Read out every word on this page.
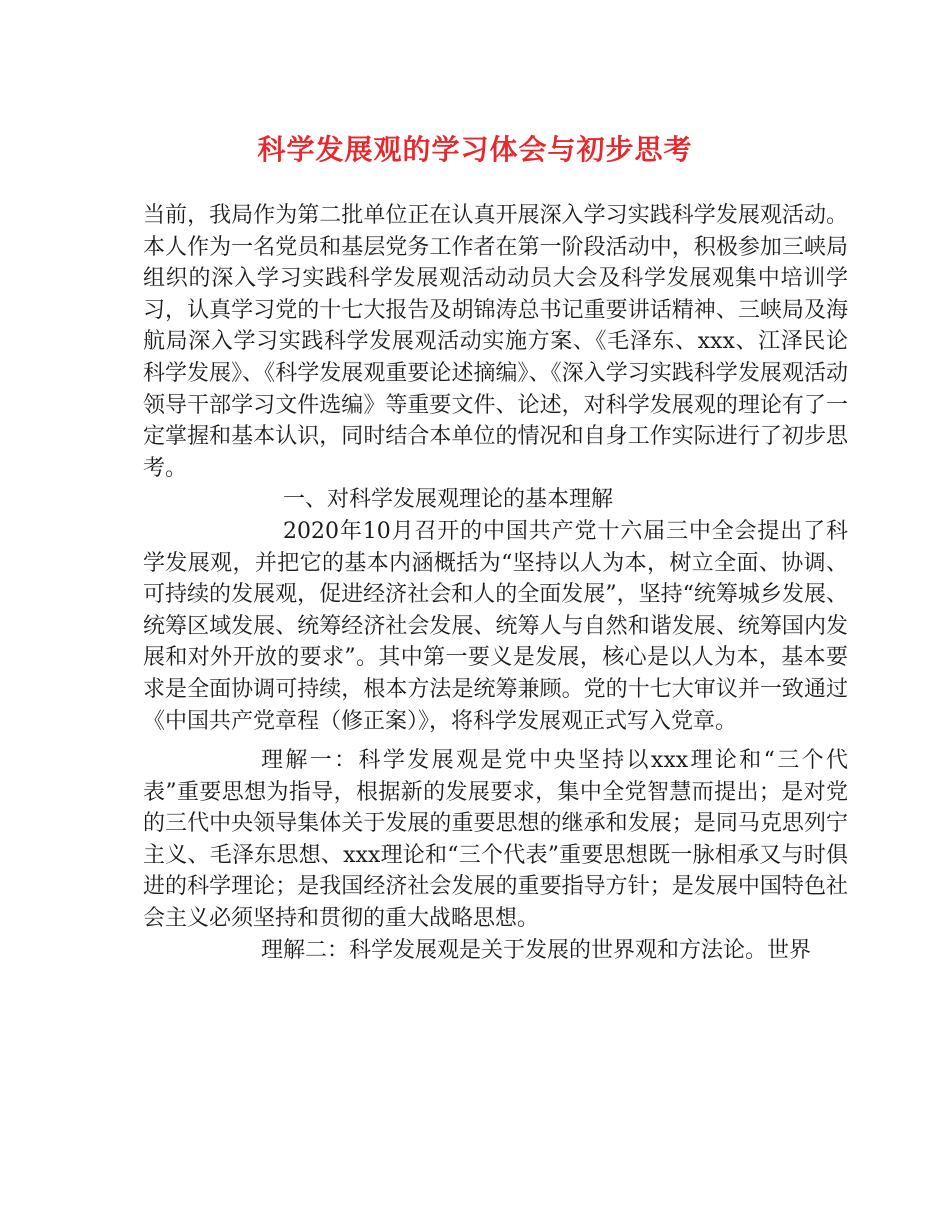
科学发展观的学习体会与初步思考

当前，我局作为第二批单位正在认真开展深入学习实践科学发展观活动。本人作为一名党员和基层党务工作者在第一阶段活动中，积极参加三峡局组织的深入学习实践科学发展观活动动员大会及科学发展观集中培训学习，认真学习党的十七大报告及胡锦涛总书记重要讲话精神、三峡局及海航局深入学习实践科学发展观活动实施方案、《毛泽东、xxx、江泽民论科学发展》、《科学发展观重要论述摘编》、《深入学习实践科学发展观活动领导干部学习文件选编》等重要文件、论述，对科学发展观的理论有了一定掌握和基本认识，同时结合本单位的情况和自身工作实际进行了初步思考。

一、对科学发展观理论的基本理解

2020年10月召开的中国共产党十六届三中全会提出了科学发展观，并把它的基本内涵概括为“坚持以人为本，树立全面、协调、可持续的发展观，促进经济社会和人的全面发展”，坚持“统筹城乡发展、统筹区域发展、统筹经济社会发展、统筹人与自然和谐发展、统筹国内发展和对外开放的要求”。其中第一要义是发展，核心是以人为本，基本要求是全面协调可持续，根本方法是统筹兼顾。党的十七大审议并一致通过《中国共产党章程（修正案）》，将科学发展观正式写入党章。

理解一：科学发展观是党中央坚持以xxx理论和“三个代表”重要思想为指导，根据新的发展要求，集中全党智慧而提出；是对党的三代中央领导集体关于发展的重要思想的继承和发展；是同马克思列宁主义、毛泽东思想、xxx理论和“三个代表”重要思想既一脉相承又与时俱进的科学理论；是我国经济社会发展的重要指导方针；是发展中国特色社会主义必须坚持和贯彻的重大战略思想。

理解二：科学发展观是关于发展的世界观和方法论。世界
